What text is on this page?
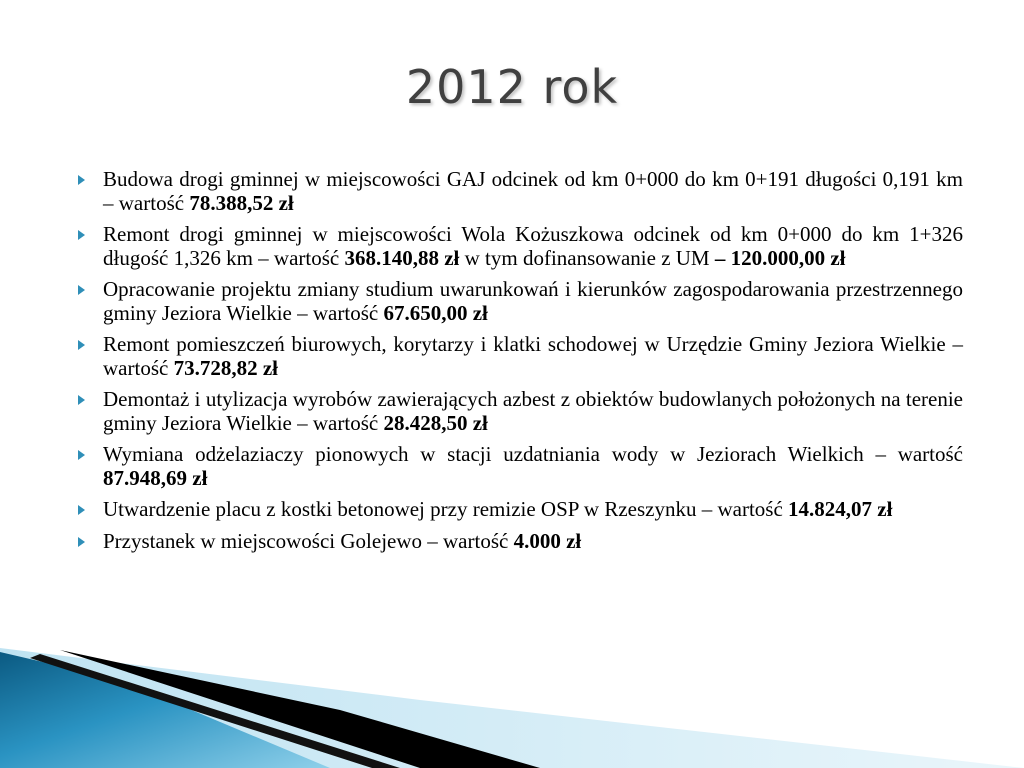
2012 rok
Budowa drogi gminnej w miejscowości GAJ odcinek od km 0+000 do km 0+191 długości 0,191 km – wartość 78.388,52 zł
Remont drogi gminnej w miejscowości Wola Kożuszkowa odcinek od km 0+000 do km 1+326 długość 1,326 km – wartość 368.140,88 zł w tym dofinansowanie z UM – 120.000,00 zł
Opracowanie projektu zmiany studium uwarunkowań i kierunków zagospodarowania przestrzennego gminy Jeziora Wielkie – wartość 67.650,00 zł
Remont pomieszczeń biurowych, korytarzy i klatki schodowej w Urzędzie Gminy Jeziora Wielkie – wartość 73.728,82 zł
Demontaż i utylizacja wyrobów zawierających azbest z obiektów budowlanych położonych na terenie gminy Jeziora Wielkie – wartość 28.428,50 zł
Wymiana odżelaziaczy pionowych w stacji uzdatniania wody w Jeziorach Wielkich – wartość 87.948,69 zł
Utwardzenie placu z kostki betonowej przy remizie OSP w Rzeszynku – wartość 14.824,07 zł
Przystanek w miejscowości Golejewo – wartość 4.000 zł
